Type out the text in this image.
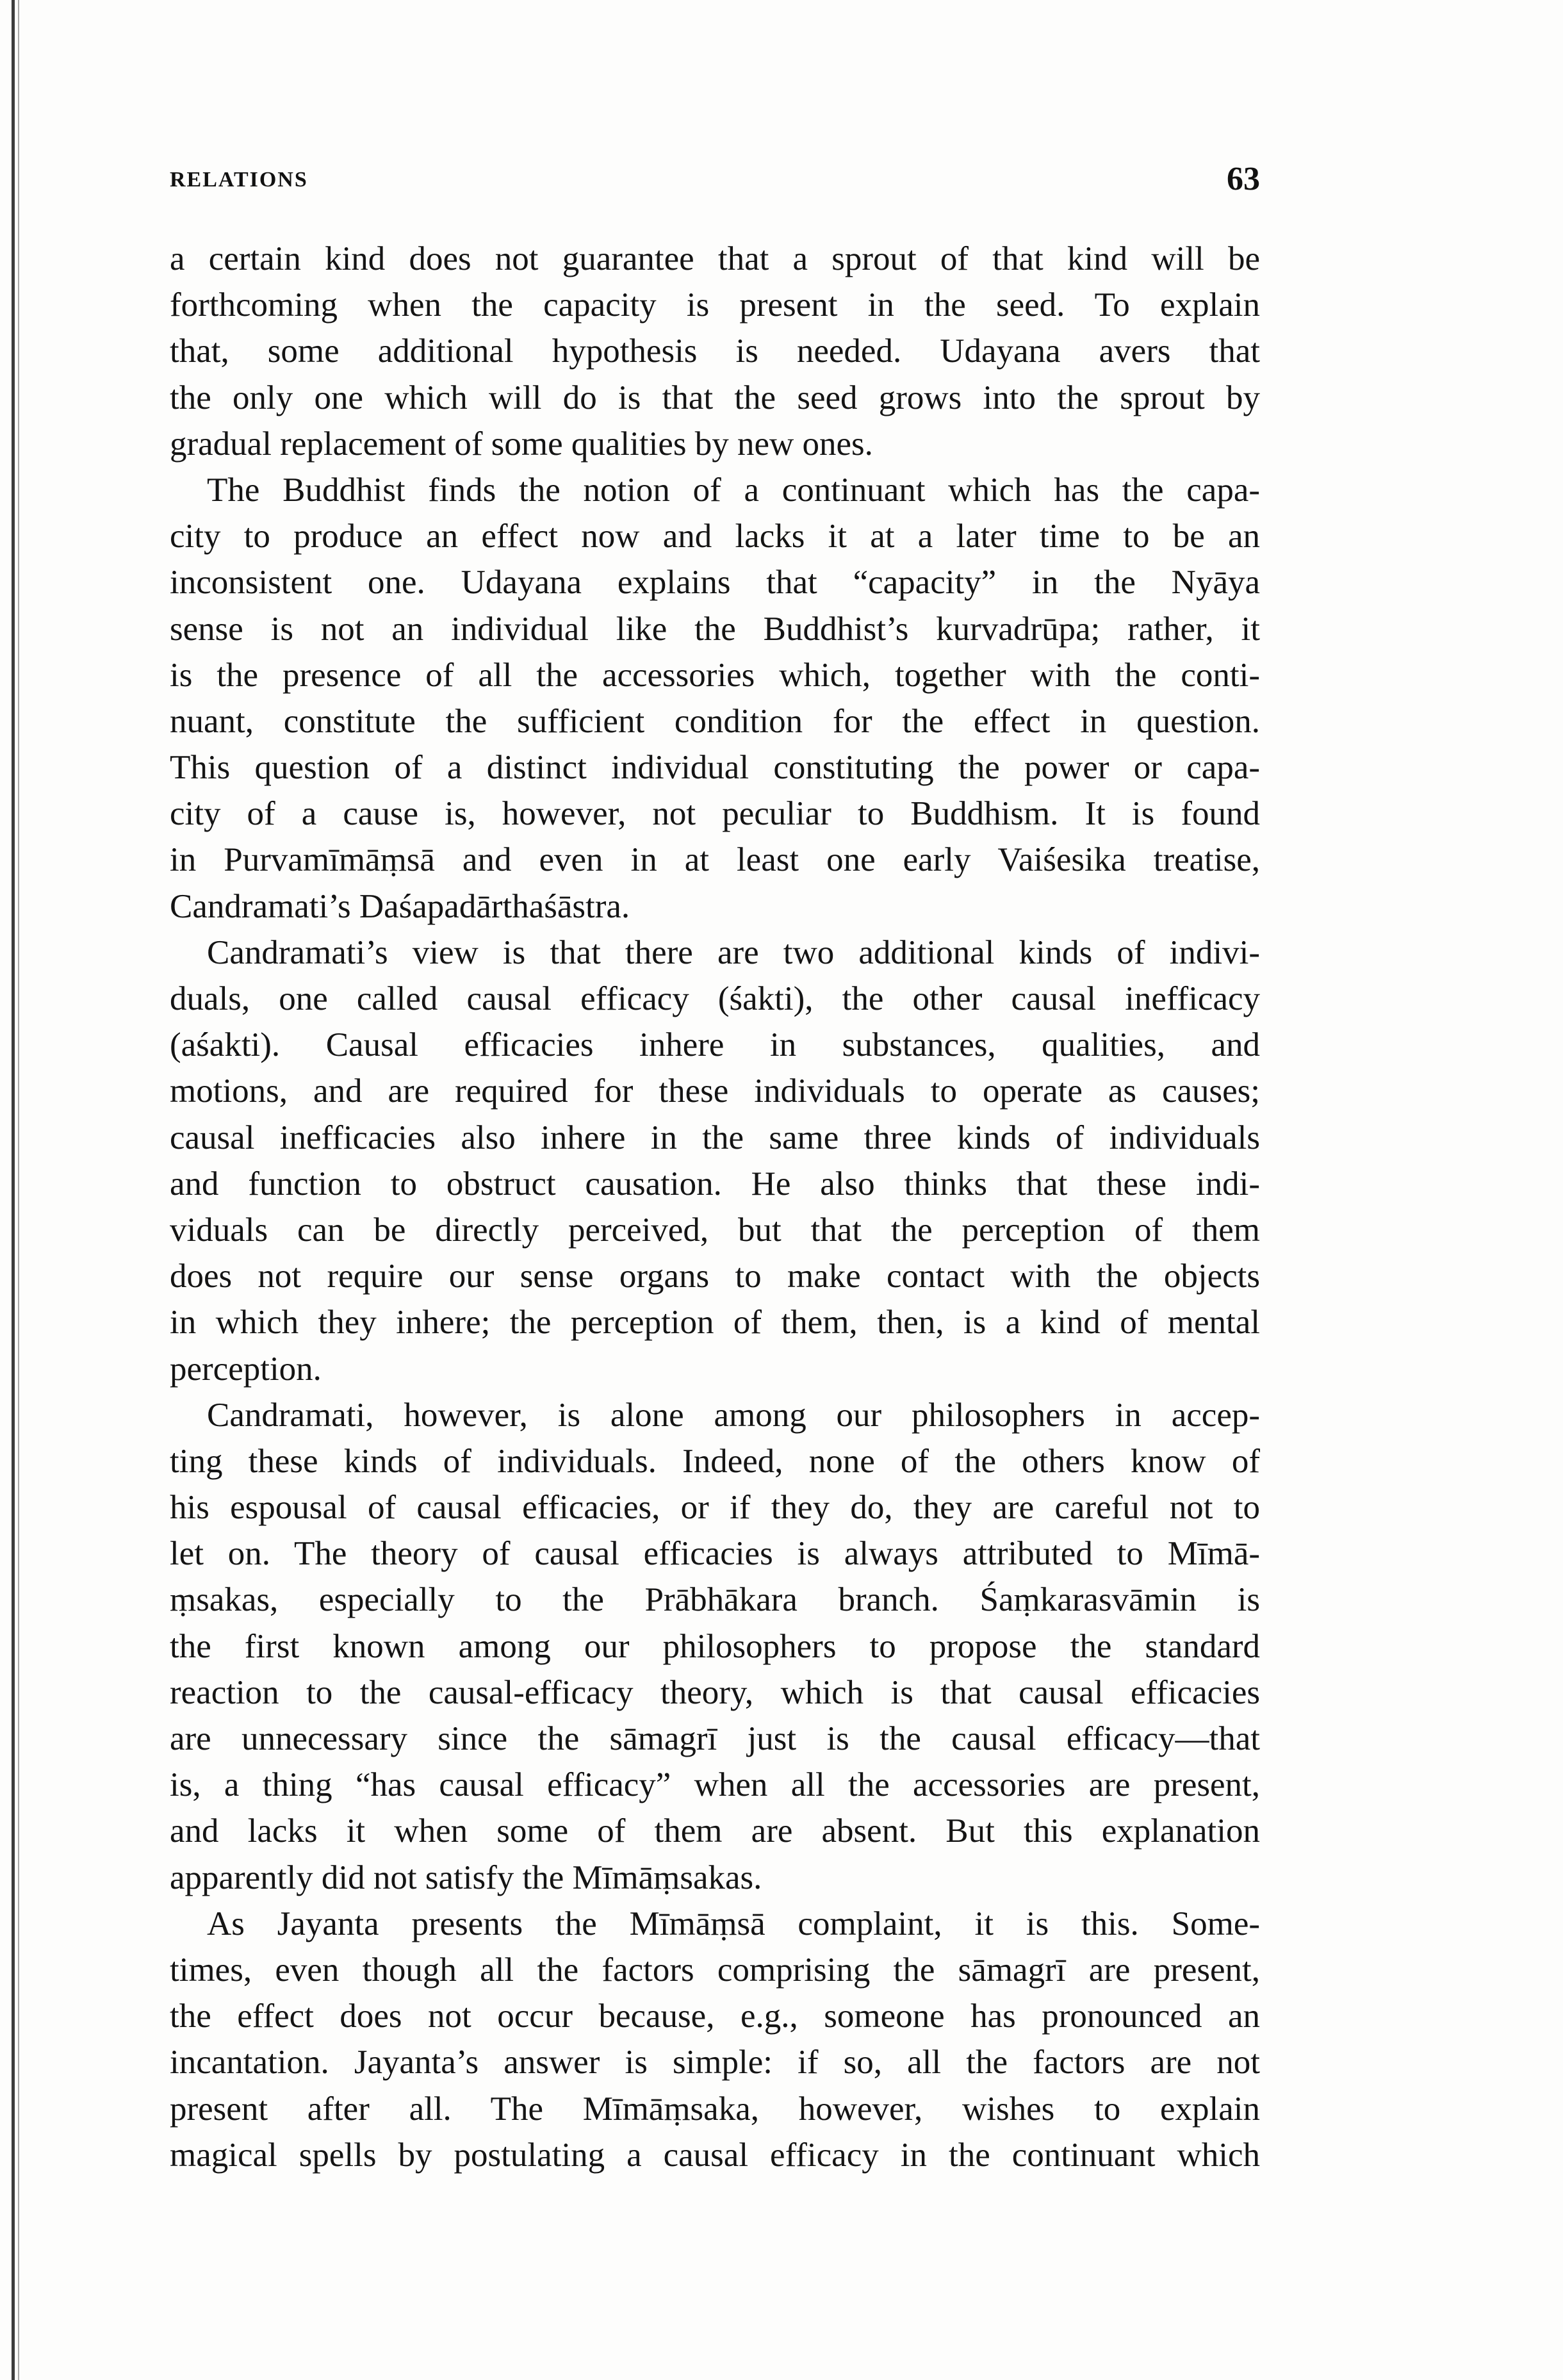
RELATIONS	63
a certain kind does not guarantee that a sprout of that kind will be
forthcoming when the capacity is present in the seed. To explain
that, some additional hypothesis is needed. Udayana avers that
the only one which will do is that the seed grows into the sprout by
gradual replacement of some qualities by new ones.
The Buddhist finds the notion of a continuant which has the capa-
city to produce an effect now and lacks it at a later time to be an
inconsistent one. Udayana explains that “capacity” in the Nyāya
sense is not an individual like the Buddhist’s kurvadrūpa; rather, it
is the presence of all the accessories which, together with the conti-
nuant, constitute the sufficient condition for the effect in question.
This question of a distinct individual constituting the power or capa-
city of a cause is, however, not peculiar to Buddhism. It is found
in Purvamīmāṃsā and even in at least one early Vaiśesika treatise,
Candramati’s Daśapadārthaśāstra.
Candramati’s view is that there are two additional kinds of indivi-
duals, one called causal efficacy (śakti), the other causal inefficacy
(aśakti). Causal efficacies inhere in substances, qualities, and
motions, and are required for these individuals to operate as causes;
causal inefficacies also inhere in the same three kinds of individuals
and function to obstruct causation. He also thinks that these indi-
viduals can be directly perceived, but that the perception of them
does not require our sense organs to make contact with the objects
in which they inhere; the perception of them, then, is a kind of mental
perception.
Candramati, however, is alone among our philosophers in accep-
ting these kinds of individuals. Indeed, none of the others know of
his espousal of causal efficacies, or if they do, they are careful not to
let on. The theory of causal efficacies is always attributed to Mīmā-
ṃsakas, especially to the Prābhākara branch. Śaṃkarasvāmin is
the first known among our philosophers to propose the standard
reaction to the causal-efficacy theory, which is that causal efficacies
are unnecessary since the sāmagrī just is the causal efficacy—that
is, a thing “has causal efficacy” when all the accessories are present,
and lacks it when some of them are absent. But this explanation
apparently did not satisfy the Mīmāṃsakas.
As Jayanta presents the Mīmāṃsā complaint, it is this. Some-
times, even though all the factors comprising the sāmagrī are present,
the effect does not occur because, e.g., someone has pronounced an
incantation. Jayanta’s answer is simple: if so, all the factors are not
present after all. The Mīmāṃsaka, however, wishes to explain
magical spells by postulating a causal efficacy in the continuant which
